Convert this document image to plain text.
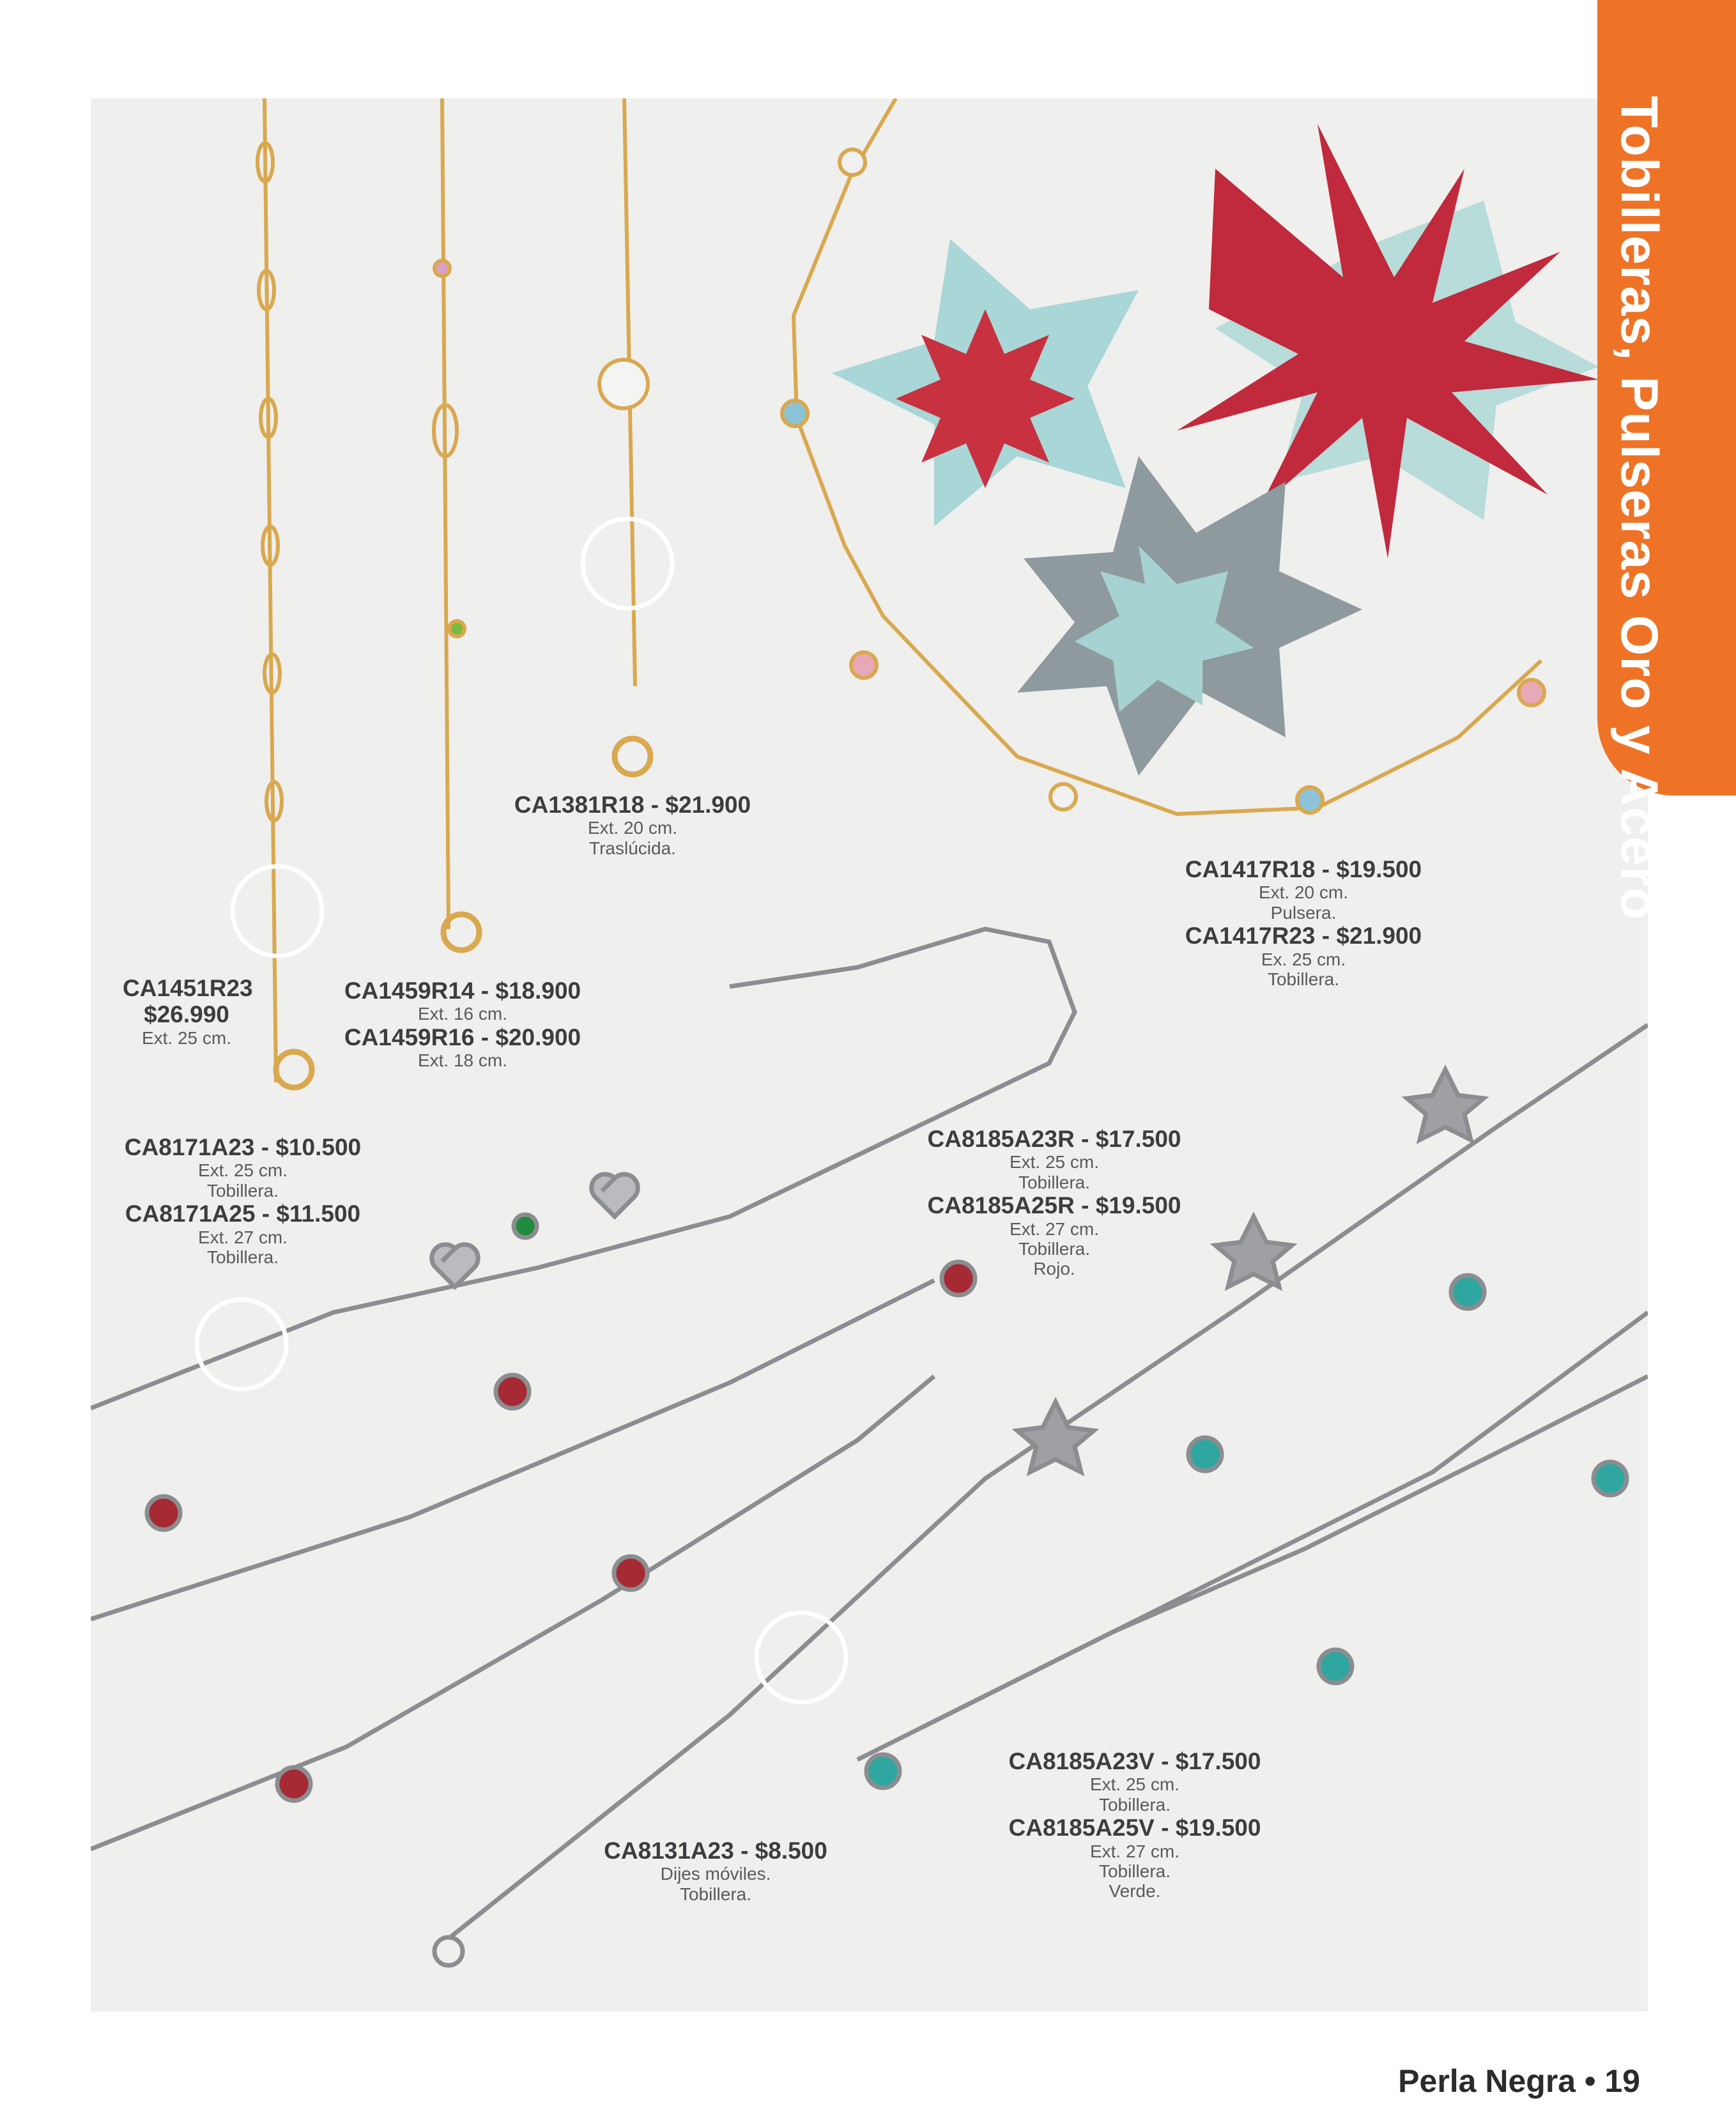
Tobilleras, Pulseras Oro y Acero
CA1451R23
$26.990
Ext. 25 cm.
CA1459R14 - $18.900
Ext. 16 cm.
CA1459R16 - $20.900
Ext. 18 cm.
CA1381R18 - $21.900
Ext. 20 cm.
Traslúcida.
CA1417R18 - $19.500
Ext. 20 cm.
Pulsera.
CA1417R23 - $21.900
Ex. 25 cm.
Tobillera.
CA8171A23 - $10.500
Ext. 25 cm.
Tobillera.
CA8171A25 - $11.500
Ext. 27 cm.
Tobillera.
CA8185A23R - $17.500
Ext. 25 cm.
Tobillera.
CA8185A25R - $19.500
Ext. 27 cm.
Tobillera.
Rojo.
CA8131A23 - $8.500
Dijes móviles.
Tobillera.
CA8185A23V - $17.500
Ext. 25 cm.
Tobillera.
CA8185A25V - $19.500
Ext. 27 cm.
Tobillera.
Verde.
Perla Negra • 19
